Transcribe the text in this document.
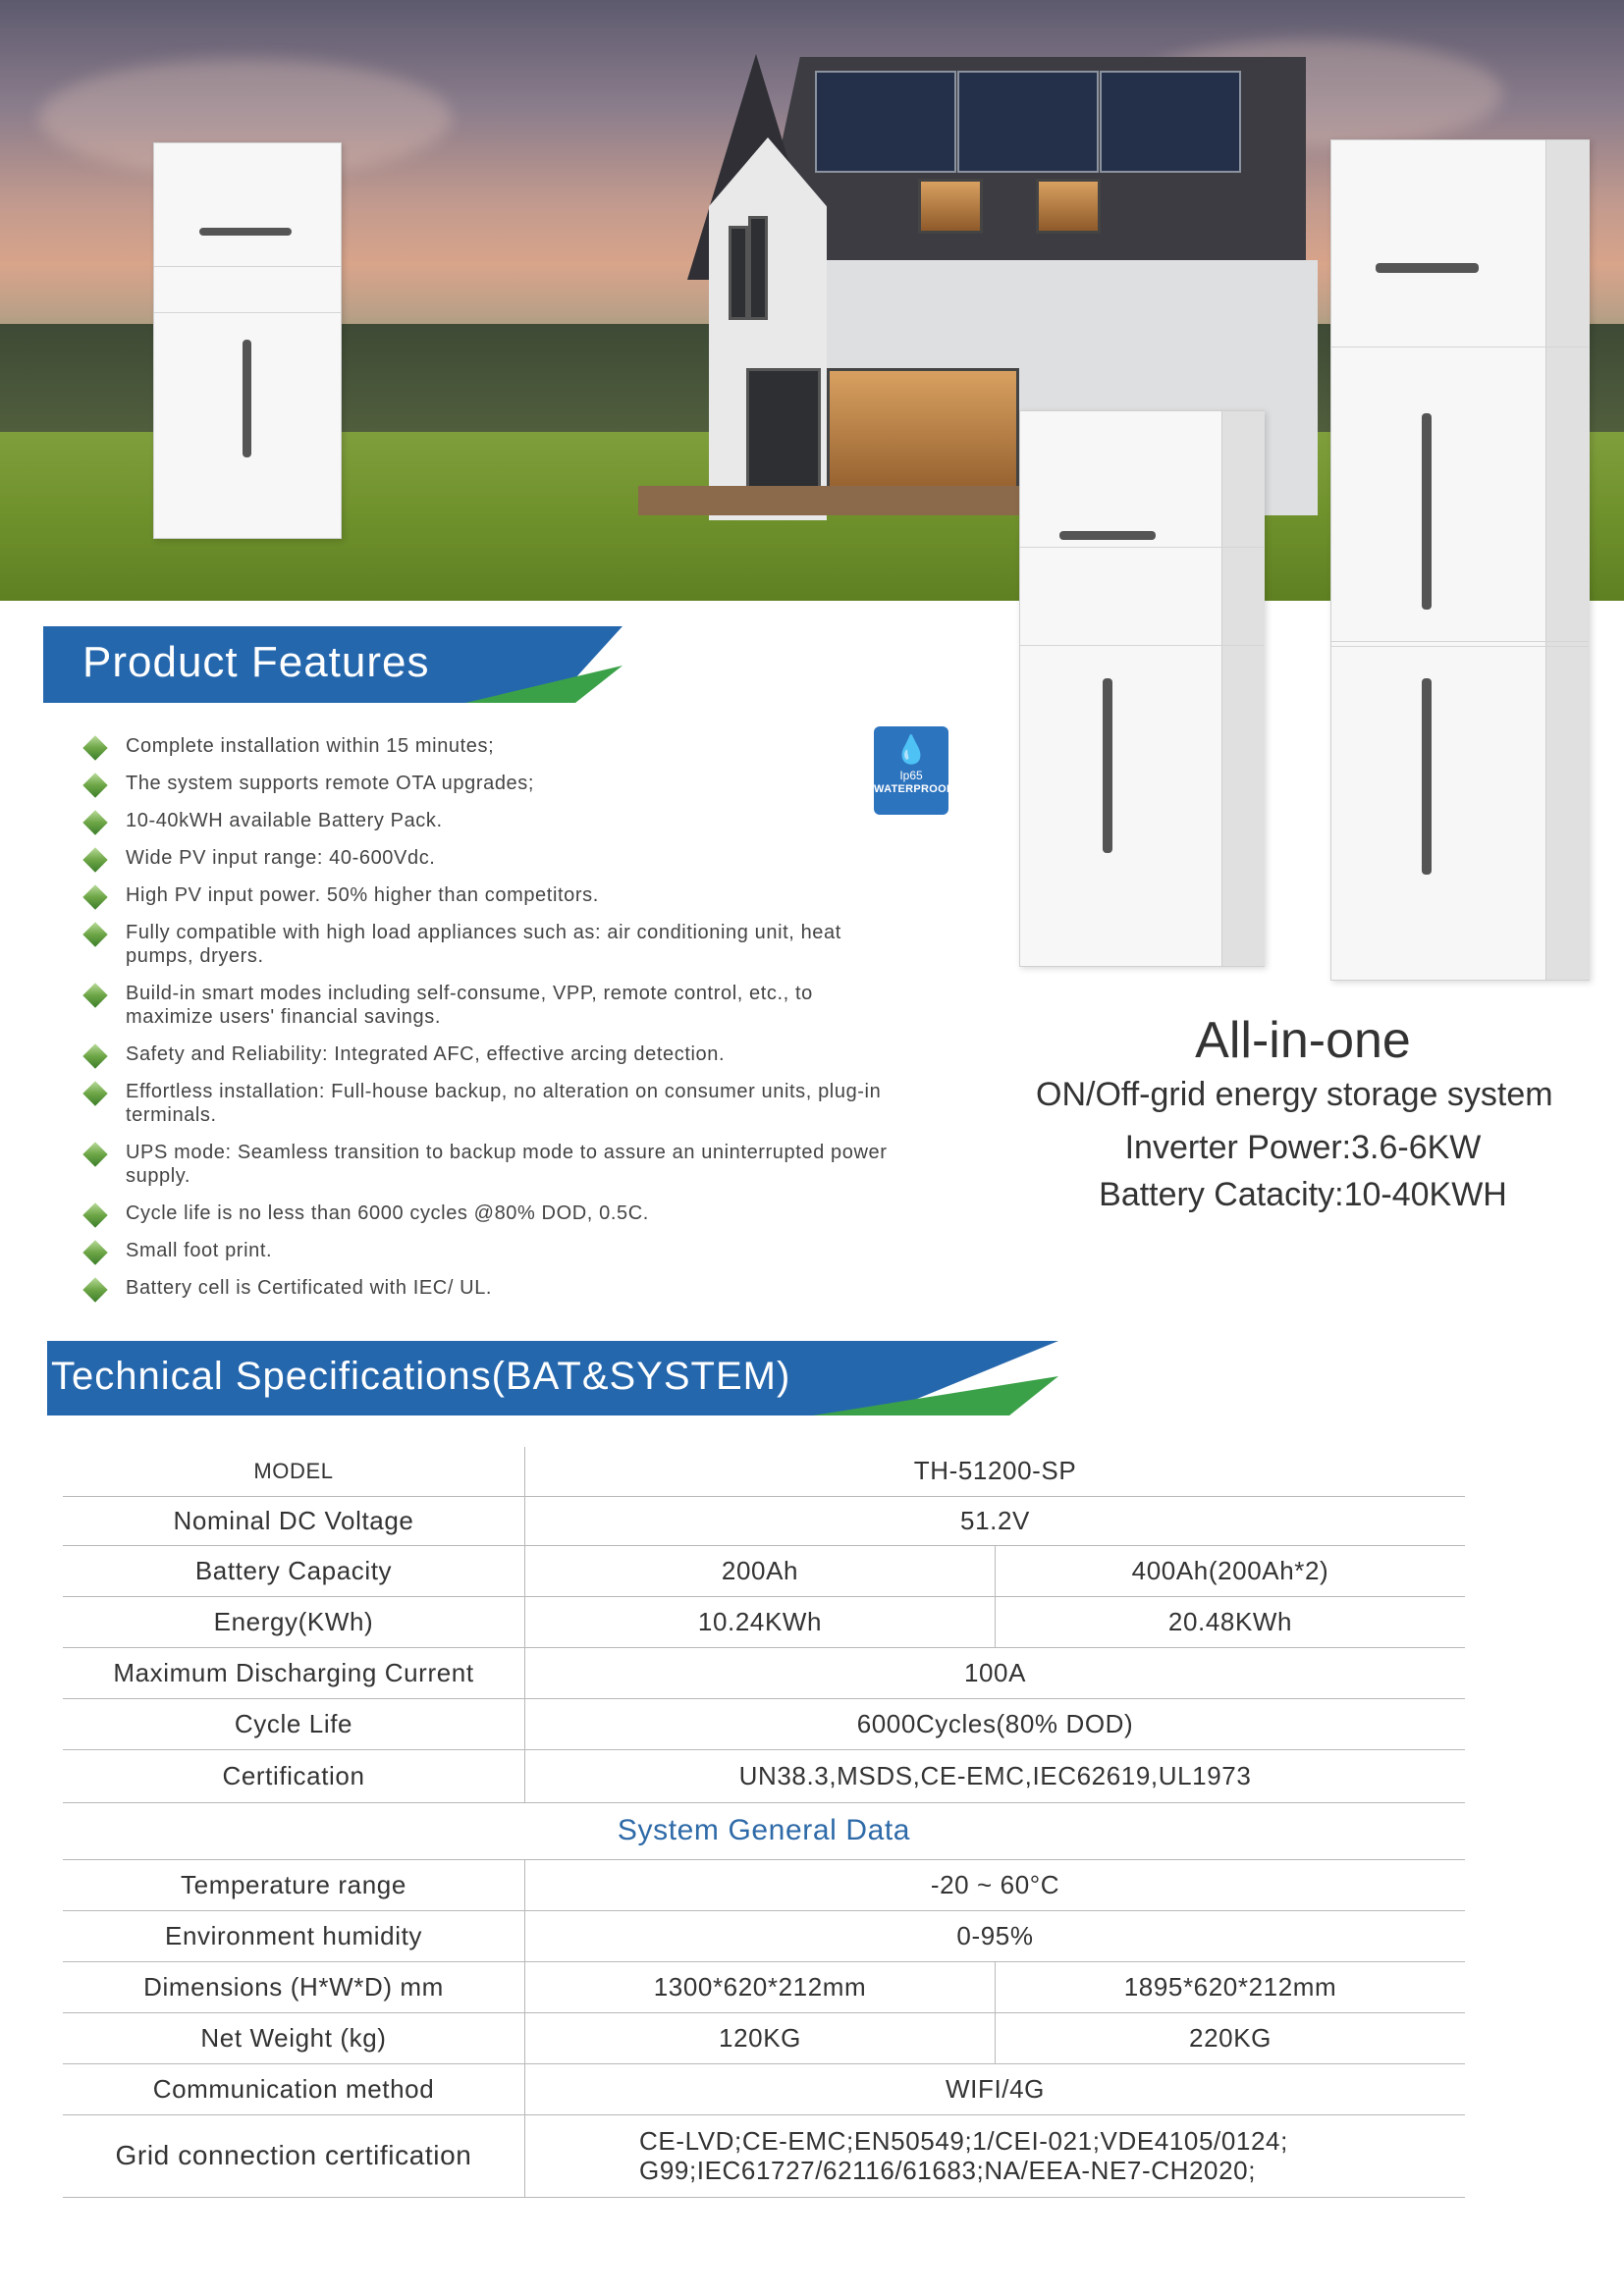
Product Features
Complete installation within 15 minutes;
The system supports remote OTA upgrades;
10-40kWH available Battery Pack.
Wide PV input range: 40-600Vdc.
High PV input power. 50% higher than competitors.
Fully compatible with high load appliances such as: air conditioning unit, heat pumps, dryers.
Build-in smart modes including self-consume, VPP, remote control, etc., to maximize users' financial savings.
Safety and Reliability: Integrated AFC, effective arcing detection.
Effortless installation: Full-house backup, no alteration on consumer units, plug-in terminals.
UPS mode: Seamless transition to backup mode to assure an uninterrupted power supply.
Cycle life is no less than 6000 cycles @80% DOD, 0.5C.
Small foot print.
Battery cell is Certificated with IEC/ UL.
💧
Ip65
WATERPROOF
All-in-one
ON/Off-grid energy storage system
Inverter Power:3.6-6KW
Battery Catacity:10-40KWH
Technical Specifications(BAT&SYSTEM)
MODEL	TH-51200-SP	
Nominal DC Voltage	51.2V	
Battery Capacity	200Ah	400Ah(200Ah*2)
Energy(KWh)	10.24KWh	20.48KWh
Maximum Discharging Current	100A	
Cycle Life	6000Cycles(80% DOD)	
Certification	UN38.3,MSDS,CE-EMC,IEC62619,UL1973	
System General Data		
Temperature range	-20 ~ 60°C	
Environment humidity	0-95%	
Dimensions (H*W*D) mm	1300*620*212mm	1895*620*212mm
Net Weight (kg)	120KG	220KG
Communication method	WIFI/4G	
Grid connection certification	CE-LVD;CE-EMC;EN50549;1/CEI-021;VDE4105/0124;
G99;IEC61727/62116/61683;NA/EEA-NE7-CH2020;	
